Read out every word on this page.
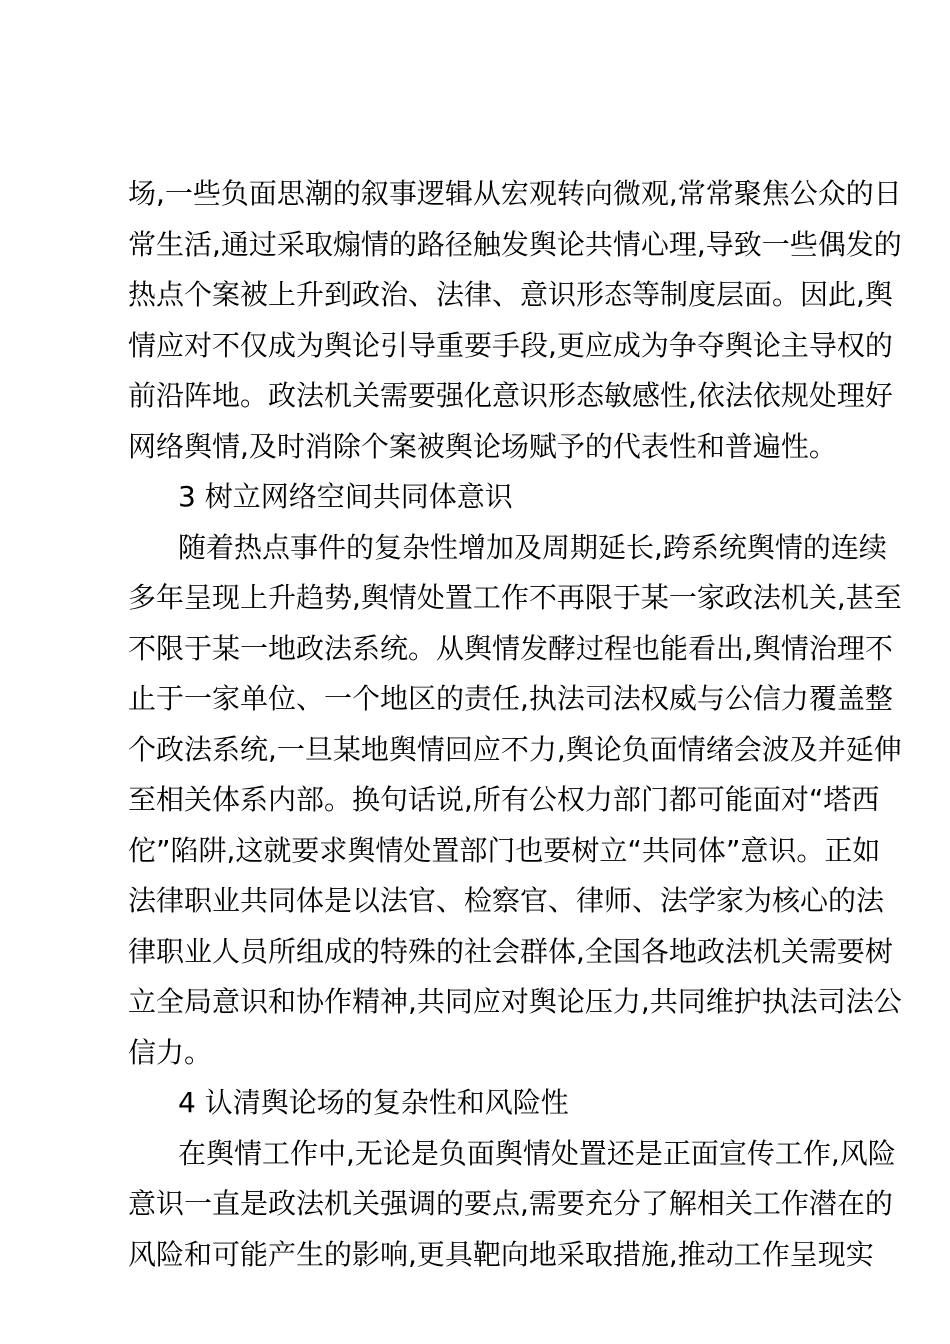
场,一些负面思潮的叙事逻辑从宏观转向微观,常常聚焦公众的日
常生活,通过采取煽情的路径触发舆论共情心理,导致一些偶发的
热点个案被上升到政治、法律、意识形态等制度层面。因此,舆
情应对不仅成为舆论引导重要手段,更应成为争夺舆论主导权的
前沿阵地。政法机关需要强化意识形态敏感性,依法依规处理好
网络舆情,及时消除个案被舆论场赋予的代表性和普遍性。
3 树立网络空间共同体意识
随着热点事件的复杂性增加及周期延长,跨系统舆情的连续
多年呈现上升趋势,舆情处置工作不再限于某一家政法机关,甚至
不限于某一地政法系统。从舆情发酵过程也能看出,舆情治理不
止于一家单位、一个地区的责任,执法司法权威与公信力覆盖整
个政法系统,一旦某地舆情回应不力,舆论负面情绪会波及并延伸
至相关体系内部。换句话说,所有公权力部门都可能面对“塔西
佗”陷阱,这就要求舆情处置部门也要树立“共同体”意识。正如
法律职业共同体是以法官、检察官、律师、法学家为核心的法
律职业人员所组成的特殊的社会群体,全国各地政法机关需要树
立全局意识和协作精神,共同应对舆论压力,共同维护执法司法公
信力。
4 认清舆论场的复杂性和风险性
在舆情工作中,无论是负面舆情处置还是正面宣传工作,风险
意识一直是政法机关强调的要点,需要充分了解相关工作潜在的
风险和可能产生的影响,更具靶向地采取措施,推动工作呈现实
